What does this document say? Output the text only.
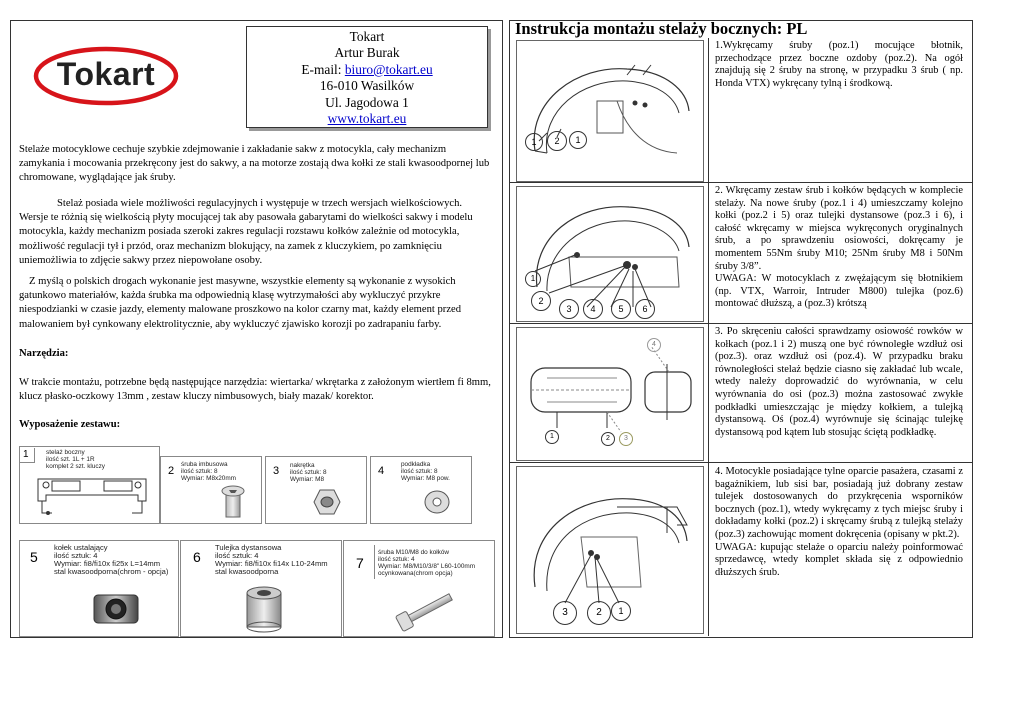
Tokart
Tokart
Artur Burak
E-mail: biuro@tokart.eu
16-010 Wasilków
Ul. Jagodowa 1
www.tokart.eu
Stelaże motocyklowe cechuje szybkie zdejmowanie i zakładanie sakw z motocykla, cały mechanizm zamykania i mocowania przekręcony jest do sakwy, a na motorze zostają dwa kołki ze stali kwasoodpornej lub chromowane, wyglądające jak śruby.
Stelaż posiada wiele możliwości regulacyjnych i występuje w trzech wersjach wielkościowych. Wersje te różnią się wielkością płyty mocującej tak aby pasowała gabarytami do wielkości sakwy i modelu motocykla, każdy mechanizm posiada szeroki zakres regulacji rozstawu kołków zależnie od motocykla, możliwość regulacji tył i przód, oraz mechanizm blokujący, na zamek z kluczykiem, po zamknięciu uniemożliwia to zdjęcie sakwy przez niepowołane osoby.
Z myślą o polskich drogach wykonanie jest masywne, wszystkie elementy są wykonanie z wysokich gatunkowo materiałów, każda śrubka ma odpowiednią klasę wytrzymałości aby wykluczyć przykre niespodzianki w czasie jazdy, elementy malowane proszkowo na kolor czarny mat, każdy element przed malowaniem był cynkowany elektrolitycznie, aby wykluczyć zjawisko korozji po zadrapaniu farby.
Narzędzia:
W trakcie montażu, potrzebne będą następujące narzędzia: wiertarka/ wkrętarka z założonym wiertłem fi 8mm, klucz płasko-oczkowy 13mm , zestaw kluczy nimbusowych, biały mazak/ korektor.
Wyposażenie zestawu:
1	stelaż boczny
ilość szt. 1L + 1R
komplet 2 szt. kluczy	2
śruba imbusowa
ilość sztuk: 8
Wymiar: M8x20mm
3 nakrętka
ilość sztuk: 8
Wymiar: M8
4
podkładka
ilość sztuk: 8
Wymiar: M8 pow.
5
kołek ustalający
ilość sztuk: 4
Wymiar: fi8/fi10x fi25x L=14mm
stal kwasoodporna(chrom - opcja)
6
Tulejka dystansowa
ilość sztuk: 4
Wymiar: fi8/fi10x fi14x L10-24mm
stal kwasoodporna
7
śruba M10/M8 do kołków
ilość sztuk: 4
Wymiar: M8/M10/3/8" L60-100mm
ocynkowana(chrom opcja)
Instrukcja montażu stelaży bocznych: PL
1	2	1
1.Wykręcamy śruby (poz.1) mocujące błotnik, przechodzące przez boczne ozdoby (poz.2). Na ogół znajdują się 2 śruby na stronę, w przypadku 3 śrub ( np. Honda VTX) wykręcany tylną i środkową.
1
2
3	4	5	6
2. Wkręcamy zestaw śrub i kołków będących w komplecie stelaży. Na nowe śruby (poz.1 i 4) umieszczamy kolejno kołki (poz.2 i 5) oraz tulejki dystansowe (poz.3 i 6), i całość wkręcamy w miejsca wykręconych oryginalnych śrub, a po sprawdzeniu osiowości, dokręcamy je momentem 55Nm śruby M10; 25Nm śruby M8 i 50Nm śruby 3/8”.
UWAGA: W motocyklach z zwężającym się błotnikiem (np. VTX, Warroir, Intruder M800) tulejka (poz.6) montować dłuższą, a (poz.3) krótszą
1	2	3
4
3. Po skręceniu całości sprawdzamy osiowość rowków w kołkach (poz.1 i 2) muszą one być równoległe wzdłuż osi (poz.3). oraz wzdłuż osi (poz.4). W przypadku braku równoległości stelaż będzie ciasno się zakładać lub wcale, wtedy należy doprowadzić do wyrównania, w celu wyrównania do osi (poz.3) można zastosować zwykłe podkładki umieszczając je między kołkiem, a tulejką dystansową. Oś (poz.4) wyrównuje się ścinając tulejkę dystansową pod kątem lub stosując ściętą podkładkę.
3	2	1
4. Motocykle posiadające tylne oparcie pasażera, czasami z bagażnikiem, lub sisi bar, posiadają już dobrany zestaw tulejek dostosowanych do przykręcenia wsporników bocznych (poz.1), wtedy wykręcamy z tych miejsc śruby i dokładamy kołki (poz.2) i skręcamy śrubą z tulejką stelaży (poz.3) zachowując moment dokręcenia (opisany w pkt.2).
UWAGA: kupując stelaże o oparciu należy poinformować sprzedawcę, wtedy komplet składa się z odpowiednio dłuższych śrub.
